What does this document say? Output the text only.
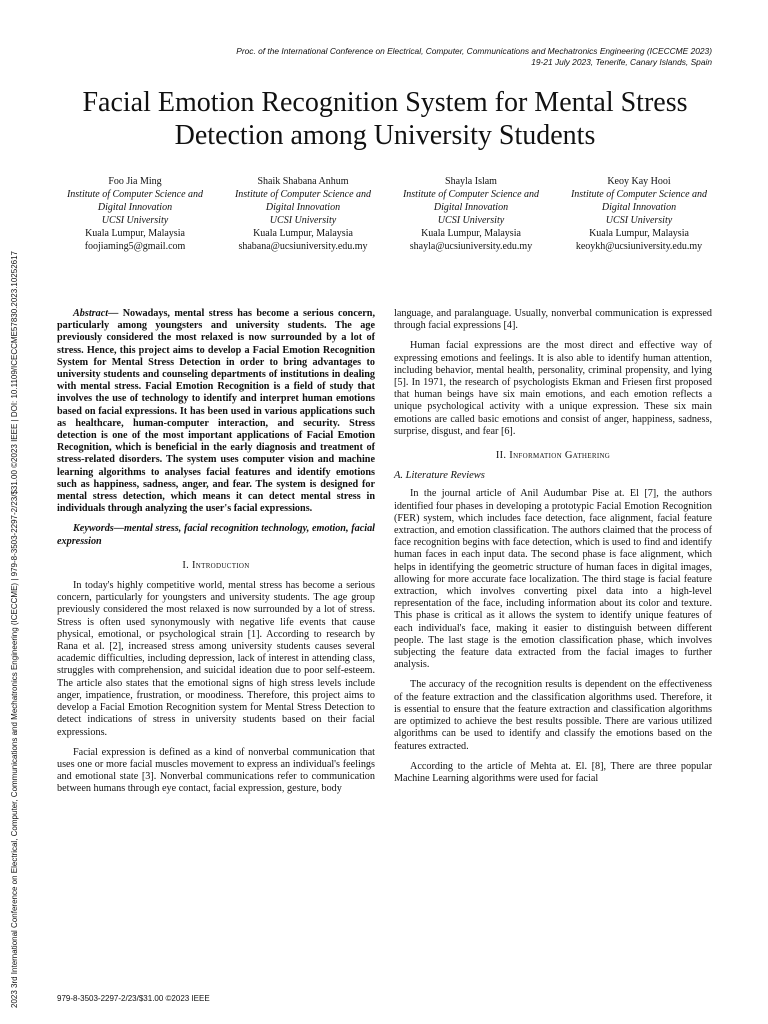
2023 3rd International Conference on Electrical, Computer, Communications and Mechatronics Engineering (ICECCME) | 979-8-3503-2297-2/23/$31.00 ©2023 IEEE | DOI: 10.1109/ICECCME57830.2023.10252617
Proc. of the International Conference on Electrical, Computer, Communications and Mechatronics Engineering (ICECCME 2023)
19-21 July 2023, Tenerife, Canary Islands, Spain
Facial Emotion Recognition System for Mental Stress
Detection among University Students
Foo Jia Ming
Institute of Computer Science and
Digital Innovation
UCSI University
Kuala Lumpur, Malaysia
foojiaming5@gmail.com
Shaik Shabana Anhum
Institute of Computer Science and
Digital Innovation
UCSI University
Kuala Lumpur, Malaysia
shabana@ucsiuniversity.edu.my
Shayla Islam
Institute of Computer Science and
Digital Innovation
UCSI University
Kuala Lumpur, Malaysia
shayla@ucsiuniversity.edu.my
Keoy Kay Hooi
Institute of Computer Science and
Digital Innovation
UCSI University
Kuala Lumpur, Malaysia
keoykh@ucsiuniversity.edu.my

Abstract— Nowadays, mental stress has become a serious concern, particularly among youngsters and university students. The age previously considered the most relaxed is now surrounded by a lot of stress. Hence, this project aims to develop a Facial Emotion Recognition System for Mental Stress Detection in order to bring advantages to university students and counseling departments of institutions in dealing with mental stress. Facial Emotion Recognition is a field of study that involves the use of technology to identify and interpret human emotions based on facial expressions. It has been used in various applications such as healthcare, human-computer interaction, and security. Stress detection is one of the most important applications of Facial Emotion Recognition, which is beneficial in the early diagnosis and treatment of stress-related disorders. The system uses computer vision and machine learning algorithms to analyses facial features and identify emotions such as happiness, sadness, anger, and fear. The system is designed for mental stress detection, which means it can detect mental stress in individuals through analyzing the user's facial expressions.

Keywords—mental stress, facial recognition technology, emotion, facial expression

I. Introduction

In today's highly competitive world, mental stress has become a serious concern, particularly for youngsters and university students. The age group previously considered the most relaxed is now surrounded by a lot of stress. Stress is often used synonymously with negative life events that cause physical, emotional, or psychological strain [1]. According to research by Rana et al. [2], increased stress among university students causes several academic difficulties, including depression, lack of interest in attending class, struggles with comprehension, and suicidal ideation due to poor self-esteem. The article also states that the emotional signs of high stress levels include anger, impatience, frustration, or moodiness. Therefore, this project aims to develop a Facial Emotion Recognition system for Mental Stress Detection to detect indications of stress in university students based on their facial expressions.

Facial expression is defined as a kind of nonverbal communication that uses one or more facial muscles movement to express an individual's feelings and emotional state [3]. Nonverbal communications refer to communication between humans through eye contact, facial expression, gesture, body

language, and paralanguage. Usually, nonverbal communication is expressed through facial expressions [4].

Human facial expressions are the most direct and effective way of expressing emotions and feelings. It is also able to identify human attention, including behavior, mental health, personality, criminal propensity, and lying [5]. In 1971, the research of psychologists Ekman and Friesen first proposed that human beings have six main emotions, and each emotion reflects a unique psychological activity with a unique expression. These six main emotions are called basic emotions and consist of anger, happiness, sadness, surprise, disgust, and fear [6].

II. Information Gathering
A. Literature Reviews

In the journal article of Anil Audumbar Pise at. El [7], the authors identified four phases in developing a prototypic Facial Emotion Recognition (FER) system, which includes face detection, face alignment, facial feature extraction, and emotion classification. The authors claimed that the process of face recognition begins with face detection, which is used to find and identify human faces in each input data. The second phase is face alignment, which helps in identifying the geometric structure of human faces in digital images, allowing for more accurate face localization. The third stage is facial feature extraction, which involves converting pixel data into a high-level representation of the face, including information about its color and texture. This phase is critical as it allows the system to identify unique features of each individual's face, making it easier to distinguish between different people. The last stage is the emotion classification phase, which involves subjecting the feature data extracted from the facial images to further analysis.

The accuracy of the recognition results is dependent on the effectiveness of the feature extraction and the classification algorithms used. Therefore, it is essential to ensure that the feature extraction and classification algorithms are optimized to achieve the best results possible. There are various utilized algorithms can be used to identify and classify the emotions based on the features extracted.

According to the article of Mehta at. El. [8], There are three popular Machine Learning algorithms were used for facial

979-8-3503-2297-2/23/$31.00 ©2023 IEEE
